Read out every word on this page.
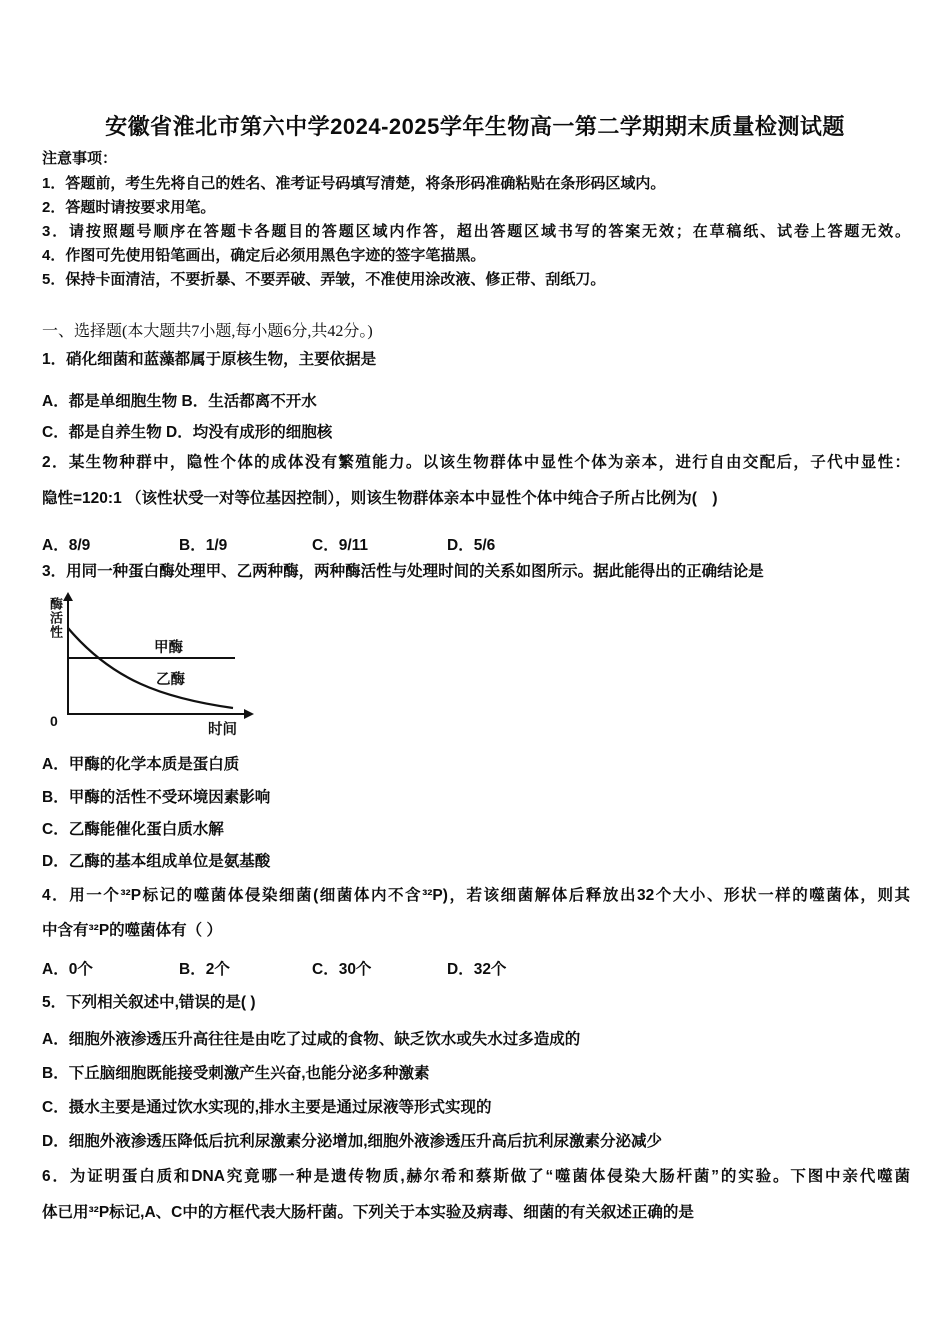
安徽省淮北市第六中学2024-2025学年生物高一第二学期期末质量检测试题
注意事项：
1．答题前，考生先将自己的姓名、准考证号码填写清楚，将条形码准确粘贴在条形码区域内。
2．答题时请按要求用笔。
3．请按照题号顺序在答题卡各题目的答题区域内作答，超出答题区域书写的答案无效；在草稿纸、试卷上答题无效。
4．作图可先使用铅笔画出，确定后必须用黑色字迹的签字笔描黑。
5．保持卡面清洁，不要折暴、不要弄破、弄皱，不准使用涂改液、修正带、刮纸刀。
一、选择题(本大题共7小题,每小题6分,共42分。)
1．硝化细菌和蓝藻都属于原核生物，主要依据是
A．都是单细胞生物 B．生活都离不开水
C．都是自养生物 D．均没有成形的细胞核
2．某生物种群中，隐性个体的成体没有繁殖能力。以该生物群体中显性个体为亲本，进行自由交配后，子代中显性：
隐性=120:1 （该性状受一对等位基因控制），则该生物群体亲本中显性个体中纯合子所占比例为(　)
A．8/9	B．1/9	C．9/11	D．5/6
3．用同一种蛋白酶处理甲、乙两种酶，两种酶活性与处理时间的关系如图所示。据此能得出的正确结论是
酶活性
甲酶
乙酶
0
时间
A．甲酶的化学本质是蛋白质
B．甲酶的活性不受环境因素影响
C．乙酶能催化蛋白质水解
D．乙酶的基本组成单位是氨基酸
4．用一个³²P标记的噬菌体侵染细菌(细菌体内不含³²P)，若该细菌解体后释放出32个大小、形状一样的噬菌体，则其
中含有³²P的噬菌体有（ ）
A．0个	B．2个	C．30个	D．32个
5．下列相关叙述中,错误的是( )
A．细胞外液渗透压升高往往是由吃了过咸的食物、缺乏饮水或失水过多造成的
B．下丘脑细胞既能接受刺激产生兴奋,也能分泌多种激素
C．摄水主要是通过饮水实现的,排水主要是通过尿液等形式实现的
D．细胞外液渗透压降低后抗利尿激素分泌增加,细胞外液渗透压升高后抗利尿激素分泌减少
6．为证明蛋白质和DNA究竟哪一种是遗传物质,赫尔希和蔡斯做了“噬菌体侵染大肠杆菌”的实验。下图中亲代噬菌
体已用³²P标记,A、C中的方框代表大肠杆菌。下列关于本实验及病毒、细菌的有关叙述正确的是
